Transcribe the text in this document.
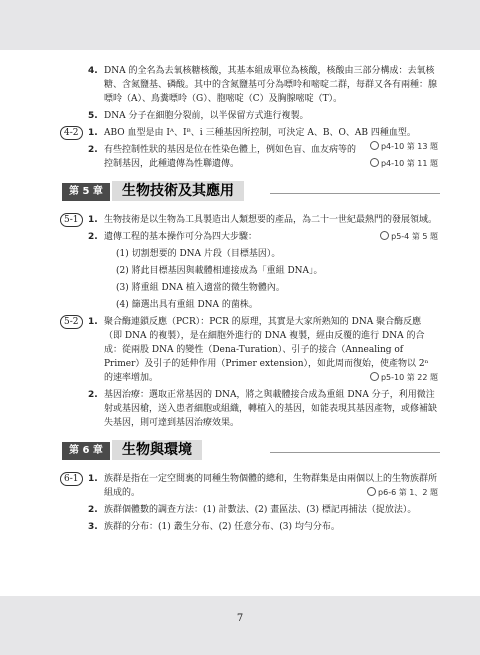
4. DNA 的全名為去氧核糖核酸，其基本組成單位為核酸，核酸由三部分構成：去氧核糖、含氮鹽基、磷酸。其中的含氮鹽基可分為嘌呤和嘧啶二群，每群又各有兩種：腺嘌呤（A）、鳥糞嘌呤（G）、胞嘧啶（C）及胸腺嘧啶（T）。
5. DNA 分子在細胞分裂前，以半保留方式進行複製。
4-2	1. ABO 血型是由 Iᴬ、Iᴮ、i 三種基因所控制，可決定 A、B、O、AB 四種血型。
p4-10 第 13 題
2. 有些控制性狀的基因是位在性染色體上，例如色盲、血友病等的控制基因，此種遺傳為性聯遺傳。	p4-10 第 11 題
第 5 章	生物技術及其應用
5-1	1. 生物技術是以生物為工具製造出人類想要的產品，為二十一世紀最熱門的發展領域。
2. 遺傳工程的基本操作可分為四大步驟：	p5-4 第 5 題
(1) 切割想要的 DNA 片段（目標基因）。
(2) 將此目標基因與載體相連接成為「重組 DNA」。
(3) 將重組 DNA 植入適當的微生物體內。
(4) 篩選出具有重組 DNA 的菌株。
5-2	1. 聚合酶連鎖反應（PCR）：PCR 的原理，其實是大家所熟知的 DNA 聚合酶反應（即 DNA 的複製），是在細胞外進行的 DNA 複製，經由反覆的進行 DNA 的合成：從兩股 DNA 的變性（Dena-Turation）、引子的接合（Annealing of Primer）及引子的延伸作用（Primer extension），如此周而復始，使產物以 2ⁿ 的速率增加。	p5-10 第 22 題
2. 基因治療：選取正常基因的 DNA，將之與載體接合成為重組 DNA 分子，利用微注射或基因槍，送入患者細胞或組織，轉植入的基因，如能表現其基因產物，或修補缺失基因，則可達到基因治療效果。
第 6 章	生物與環境
6-1	1. 族群是指在一定空間裏的同種生物個體的總和，生物群集是由兩個以上的生物族群所組成的。	p6-6 第 1、2 題
2. 族群個體數的調查方法：(1) 計數法、(2) 畫區法、(3) 標記再捕法（捉放法）。
3. 族群的分布：(1) 叢生分布、(2) 任意分布、(3) 均勻分布。
7
